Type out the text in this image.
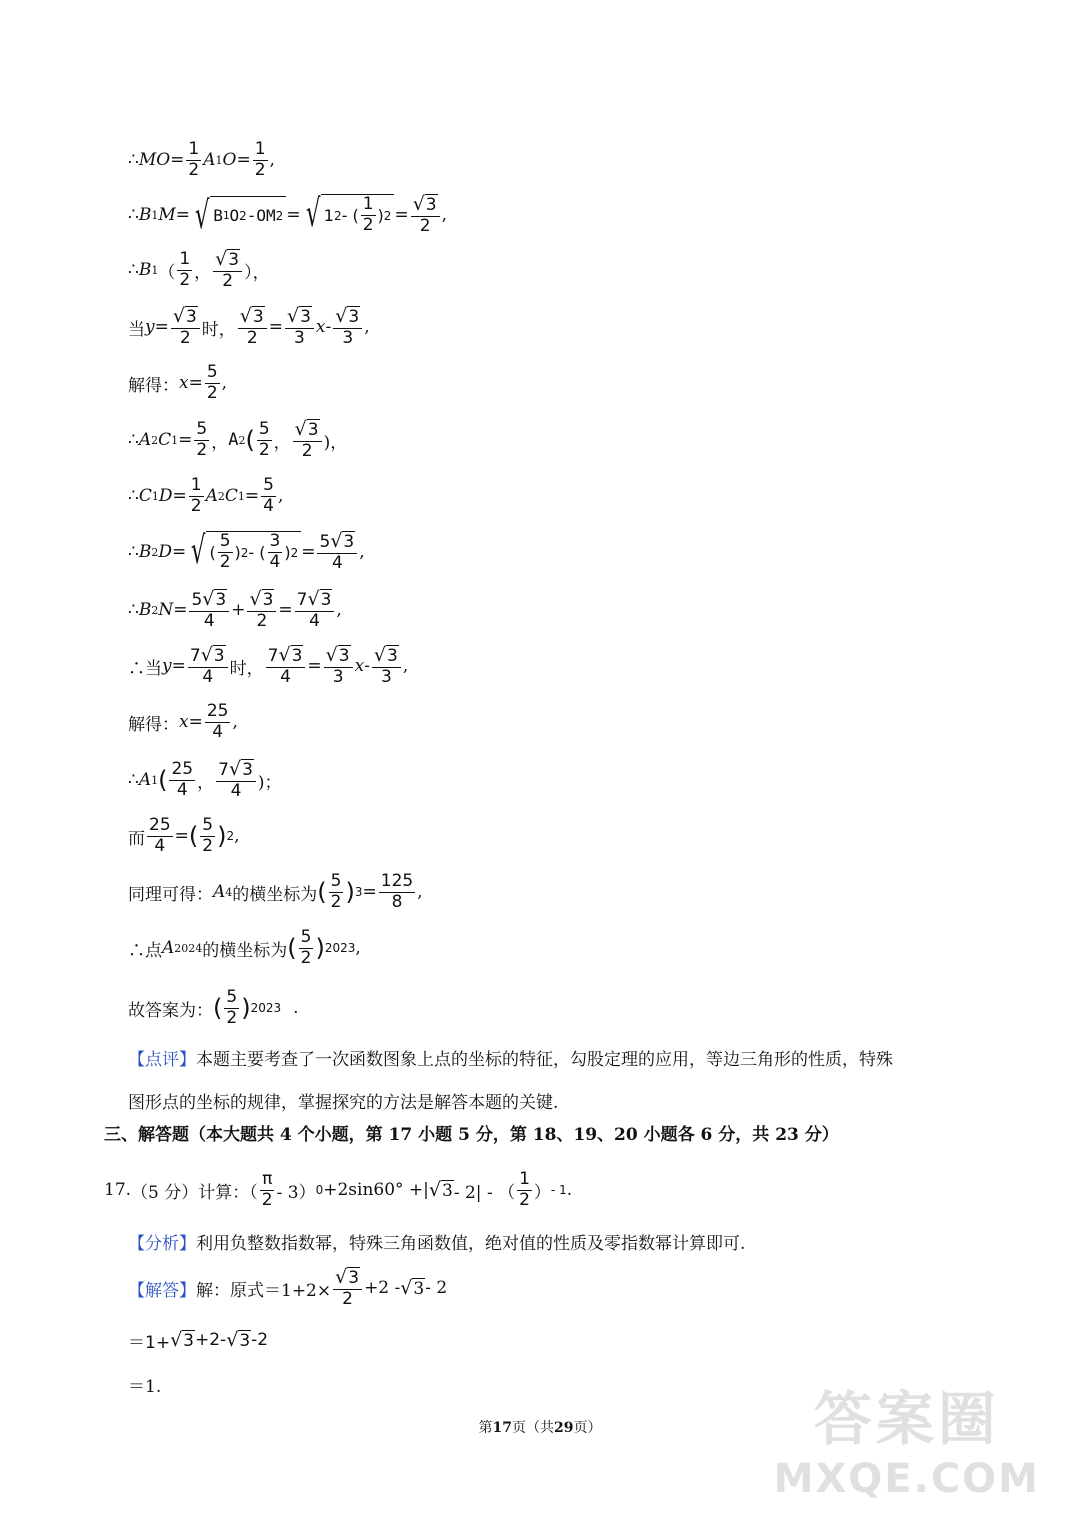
∴ MO = $\frac{1}{2}$ A 1 $O = \frac{1}{2}$ ,
∴ B 1 M = √ B 1 O 2 -OM 2 = √ 1 2 - ( $\frac{1}{2}$ ) $2 = \frac{√3}{2}$ ,
∴ B 1 （ $\frac{1}{2}$ ， $\frac{√3}{2}$ ），
当 $y = \frac{√3}{2}$ 时， $\frac{√3}{2} = \frac{√3}{3}$ x - $\frac{√3}{3}$ ,
解得： $x = \frac{5}{2}$ ,
∴ A 2 C $1 = \frac{5}{2}$ ， A 2 ( $\frac{5}{2}$ ， $\frac{√3}{2}$ )，
∴ C 1 $D = \frac{1}{2}$ A 2 C $1 = \frac{5}{4}$ ,
∴ B 2 D = √ ( $\frac{5}{2}$ ) 2 - ( $\frac{3}{4}$ ) $2 = \frac{5√3}{4}$ ,
∴ B 2 $N = \frac{5√3}{4} + \frac{√3}{2} = \frac{7√3}{4}$ ,
∴当 $y = \frac{7√3}{4}$ 时， $\frac{7√3}{4} = \frac{√3}{3}$ x - $\frac{√3}{3}$ ,
解得： $x = \frac{25}{4}$ ,
∴ A 1 ( $\frac{25}{4}$ ， $\frac{7√3}{4}$ )；
而 $\frac{25}{4}$ = ( $\frac{5}{2}$ ) 2 ,
同理可得： A 4 的横坐标为 ( $\frac{5}{2}$ ) $3 = \frac{125}{8}$ ,
∴点 A 2024 的横坐标为 ( $\frac{5}{2}$ ) 2023 ,
故答案为： ( $\frac{5}{2}$ ) 2023 .
【点评】本题主要考查了一次函数图象上点的坐标的特征，勾股定理的应用，等边三角形的性质，特殊
图形点的坐标的规律，掌握探究的方法是解答本题的关键.
三、解答题（本大题共 4 个小题，第 17 小题 5 分，第 18、19、20 小题各 6 分，共 23 分）
17. （5 分）计算：（ $\frac{\pi}{2} - 3$） 0 +2sin60° +| √ 3 - 2| - （ $\frac{1}{2}$ ） - 1 .
【分析】利用负整数指数幂，特殊三角函数值，绝对值的性质及零指数幂计算即可.
【 解答 】 解：原式$=1+2\times \frac{√3}{2} +2$ - √ 3 - 2
＝1+ √ 3 +2- √ 3 -2
＝1.
第17页（共29页）	答案圈
MXQE.COM
